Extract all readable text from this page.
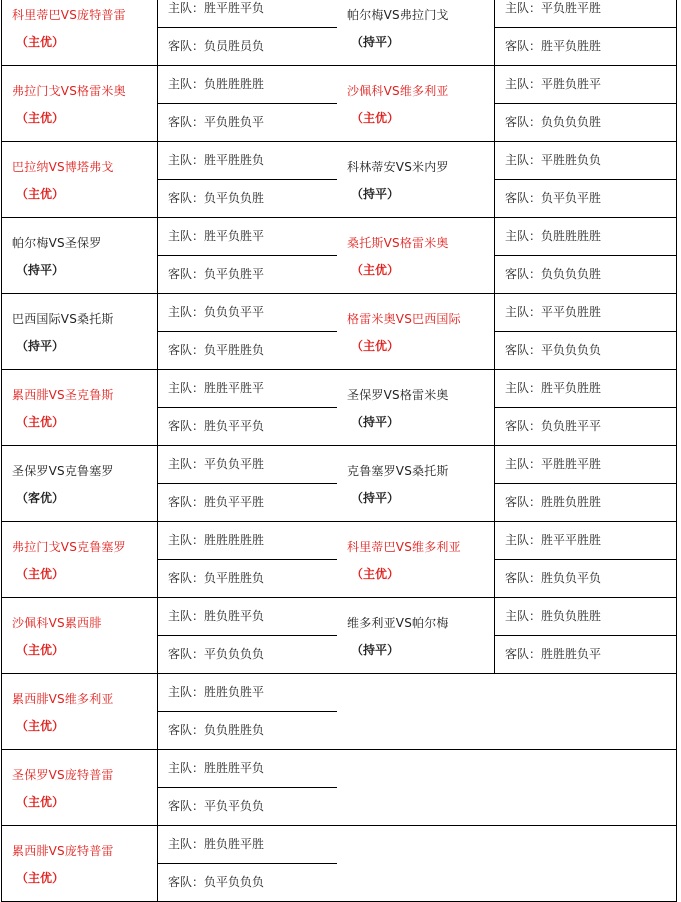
科里蒂巴VS庞特普雷
（主优）
主队：胜平胜平负
客队：负员胜员负
弗拉门戈VS格雷米奥
（主优）
主队：负胜胜胜胜
客队：平负胜负平
巴拉纳VS博塔弗戈
（主优）
主队：胜平胜胜负
客队：负平负负胜
帕尔梅VS圣保罗
（持平）
主队：胜平负胜平
客队：负平负胜平
巴西国际VS桑托斯
（持平）
主队：负负负平平
客队：负平胜胜负
累西腓VS圣克鲁斯
（主优）
主队：胜胜平胜平
客队：胜负平平负
圣保罗VS克鲁塞罗
（客优）
主队：平负负平胜
客队：胜负平平胜
弗拉门戈VS克鲁塞罗
（主优）
主队：胜胜胜胜胜
客队：负平胜胜负
沙佩科VS累西腓
（主优）
主队：胜负胜平负
客队：平负负负负
累西腓VS维多利亚
（主优）
主队：胜胜负胜平
客队：负负胜胜负
圣保罗VS庞特普雷
（主优）
主队：胜胜胜平负
客队：平负平负负
累西腓VS庞特普雷
（主优）
主队：胜负胜平胜
客队：负平负负负
帕尔梅VS弗拉门戈
（持平）
主队：平负胜平胜
客队：胜平负胜胜
沙佩科VS维多利亚
（主优）
主队：平胜负胜平
客队：负负负负胜
科林蒂安VS米内罗
（持平）
主队：平胜胜负负
客队：负平负平胜
桑托斯VS格雷米奥
（主优）
主队：负胜胜胜胜
客队：负负负负胜
格雷米奥VS巴西国际
（主优）
主队：平平负胜胜
客队：平负负负负
圣保罗VS格雷米奥
（持平）
主队：胜平负胜胜
客队：负负胜平平
克鲁塞罗VS桑托斯
（持平）
主队：平胜胜平胜
客队：胜胜负胜胜
科里蒂巴VS维多利亚
（主优）
主队：胜平平胜胜
客队：胜负负平负
维多利亚VS帕尔梅
（持平）
主队：胜负负胜胜
客队：胜胜胜负平
